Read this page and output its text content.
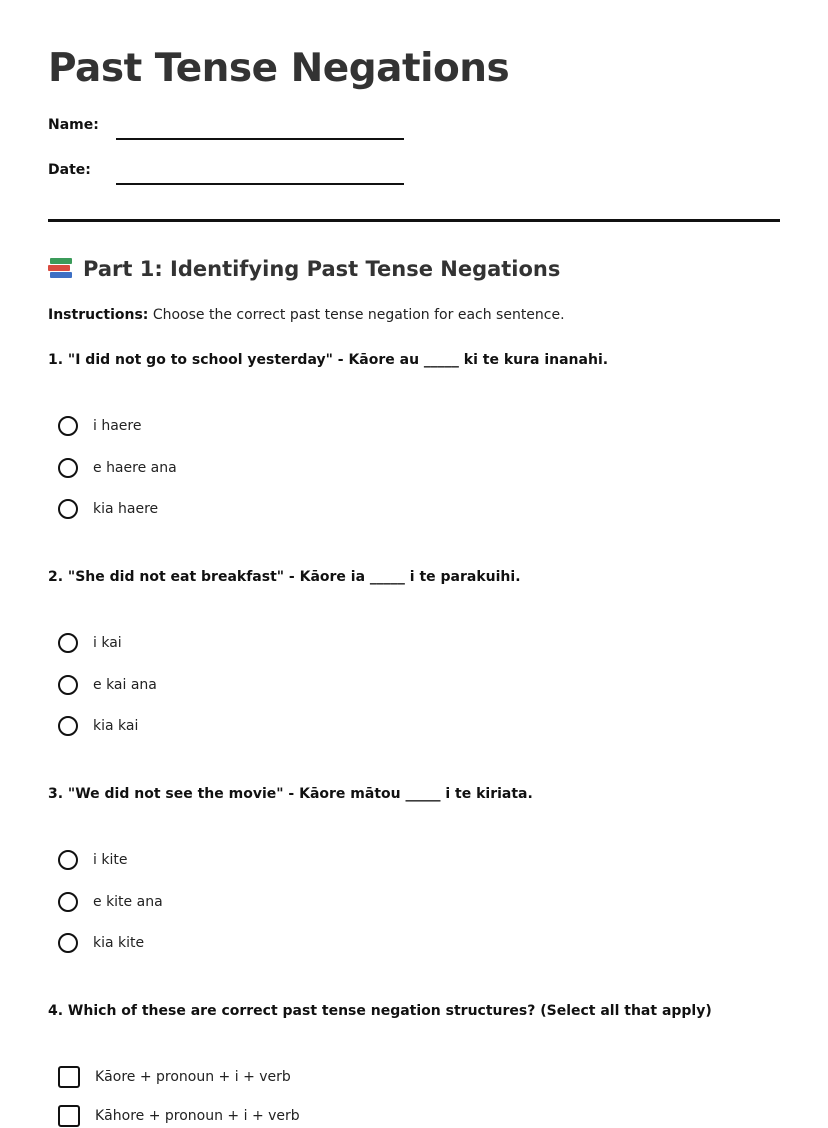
Past Tense Negations
Name:
Date:
Part 1: Identifying Past Tense Negations
Instructions: Choose the correct past tense negation for each sentence.
1. "I did not go to school yesterday" - Kāore au _____ ki te kura inanahi.
i haere
e haere ana
kia haere
2. "She did not eat breakfast" - Kāore ia _____ i te parakuihi.
i kai
e kai ana
kia kai
3. "We did not see the movie" - Kāore mātou _____ i te kiriata.
i kite
e kite ana
kia kite
4. Which of these are correct past tense negation structures? (Select all that apply)
Kāore + pronoun + i + verb
Kāhore + pronoun + i + verb
